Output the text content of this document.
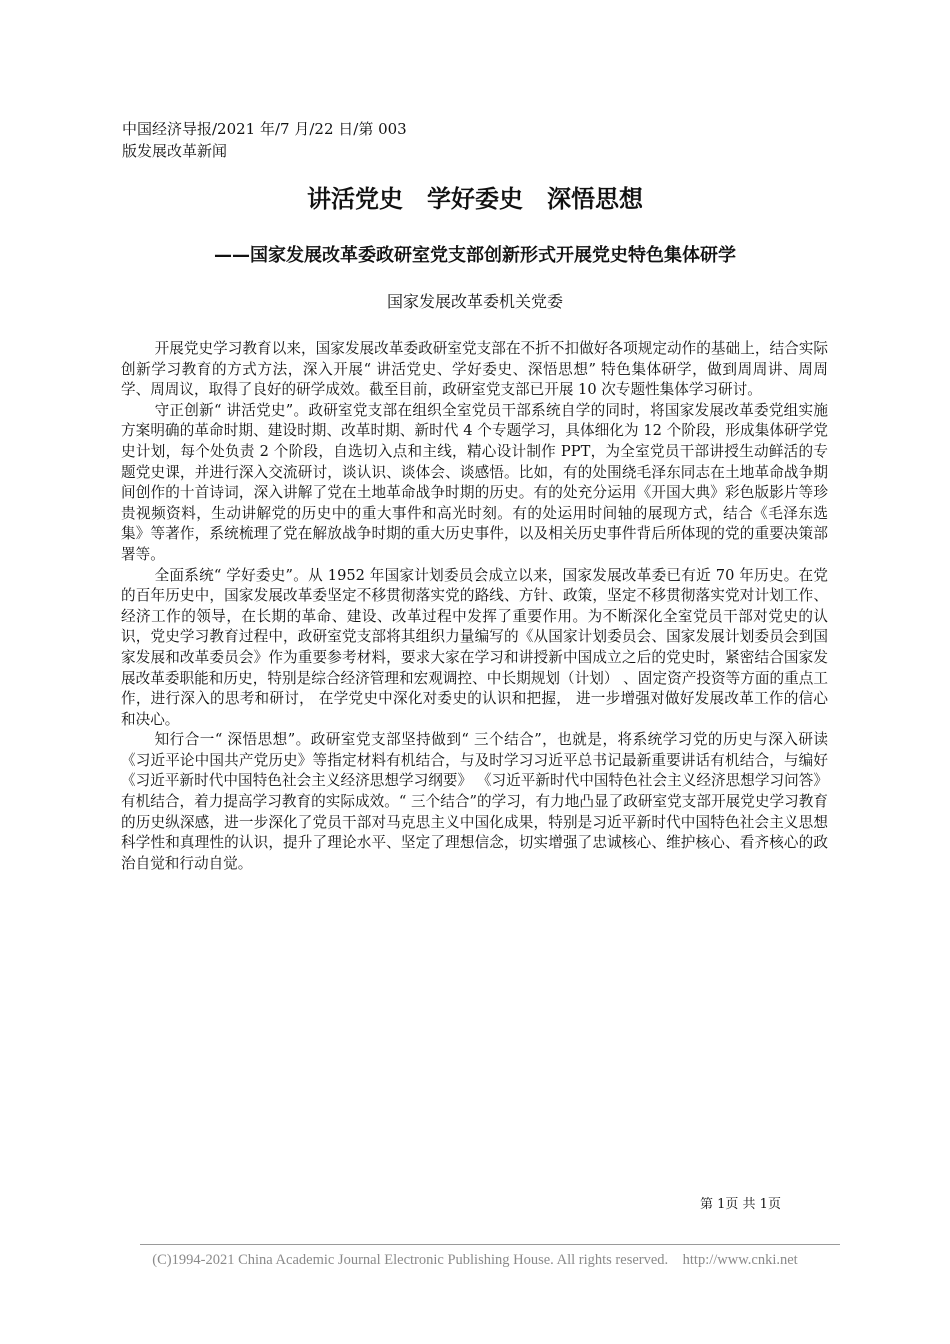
中国经济导报/2021 年/7 月/22 日/第 003
版发展改革新闻
讲活党史　学好委史　深悟思想
——国家发展改革委政研室党支部创新形式开展党史特色集体研学
国家发展改革委机关党委

开展党史学习教育以来，国家发展改革委政研室党支部在不折不扣做好各项规定动作的基础上，结合实际创新学习教育的方式方法，深入开展“ 讲活党史、学好委史、深悟思想” 特色集体研学，做到周周讲、周周学、周周议，取得了良好的研学成效。截至目前，政研室党支部已开展 10 次专题性集体学习研讨。

守正创新“ 讲活党史”。政研室党支部在组织全室党员干部系统自学的同时，将国家发展改革委党组实施方案明确的革命时期、建设时期、改革时期、新时代 4 个专题学习，具体细化为 12 个阶段，形成集体研学党史计划，每个处负责 2 个阶段，自选切入点和主线，精心设计制作 PPT，为全室党员干部讲授生动鲜活的专题党史课，并进行深入交流研讨，谈认识、谈体会、谈感悟。比如，有的处围绕毛泽东同志在土地革命战争期间创作的十首诗词，深入讲解了党在土地革命战争时期的历史。有的处充分运用《开国大典》彩色版影片等珍贵视频资料，生动讲解党的历史中的重大事件和高光时刻。有的处运用时间轴的展现方式，结合《毛泽东选集》等著作，系统梳理了党在解放战争时期的重大历史事件，以及相关历史事件背后所体现的党的重要决策部署等。

全面系统“ 学好委史”。从 1952 年国家计划委员会成立以来，国家发展改革委已有近 70 年历史。在党的百年历史中，国家发展改革委坚定不移贯彻落实党的路线、方针、政策，坚定不移贯彻落实党对计划工作、经济工作的领导，在长期的革命、建设、改革过程中发挥了重要作用。为不断深化全室党员干部对党史的认识，党史学习教育过程中，政研室党支部将其组织力量编写的《从国家计划委员会、国家发展计划委员会到国家发展和改革委员会》作为重要参考材料，要求大家在学习和讲授新中国成立之后的党史时，紧密结合国家发展改革委职能和历史，特别是综合经济管理和宏观调控、中长期规划（计划） 、固定资产投资等方面的重点工作，进行深入的思考和研讨， 在学党史中深化对委史的认识和把握， 进一步增强对做好发展改革工作的信心和决心。

知行合一“ 深悟思想”。政研室党支部坚持做到“ 三个结合”，也就是，将系统学习党的历史与深入研读《习近平论中国共产党历史》等指定材料有机结合，与及时学习习近平总书记最新重要讲话有机结合，与编好《习近平新时代中国特色社会主义经济思想学习纲要》 《习近平新时代中国特色社会主义经济思想学习问答》有机结合，着力提高学习教育的实际成效。“ 三个结合”的学习，有力地凸显了政研室党支部开展党史学习教育的历史纵深感，进一步深化了党员干部对马克思主义中国化成果，特别是习近平新时代中国特色社会主义思想科学性和真理性的认识，提升了理论水平、坚定了理想信念，切实增强了忠诚核心、维护核心、看齐核心的政治自觉和行动自觉。

第 1页 共 1页
(C)1994-2021 China Academic Journal Electronic Publishing House. All rights reserved.　http://www.cnki.net
